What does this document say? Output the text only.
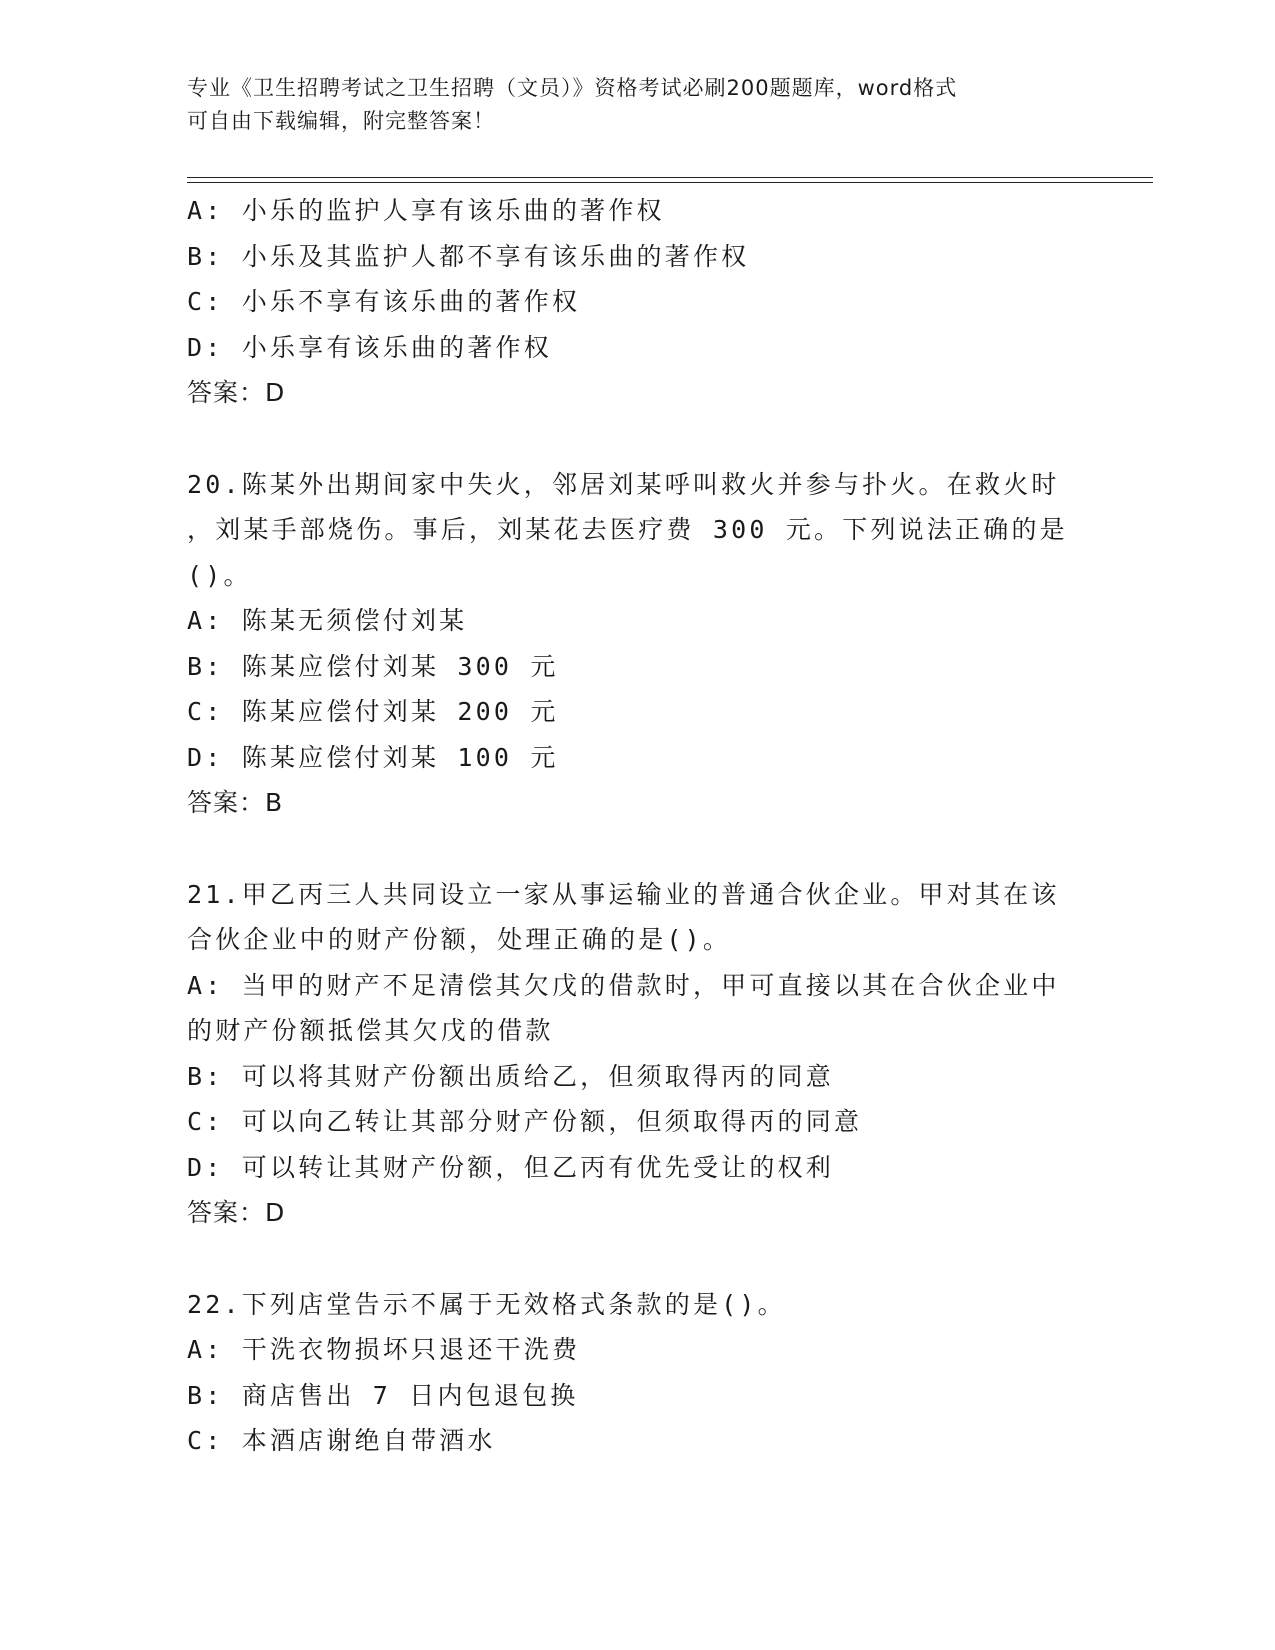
专业《卫生招聘考试之卫生招聘（文员）》资格考试必刷200题题库，word格式
可自由下载编辑，附完整答案！
A: 小乐的监护人享有该乐曲的著作权
B: 小乐及其监护人都不享有该乐曲的著作权
C: 小乐不享有该乐曲的著作权
D: 小乐享有该乐曲的著作权
答案：D
20.陈某外出期间家中失火，邻居刘某呼叫救火并参与扑火。在救火时
，刘某手部烧伤。事后，刘某花去医疗费 300 元。下列说法正确的是
()。
A: 陈某无须偿付刘某
B: 陈某应偿付刘某 300 元
C: 陈某应偿付刘某 200 元
D: 陈某应偿付刘某 100 元
答案：B
21.甲乙丙三人共同设立一家从事运输业的普通合伙企业。甲对其在该
合伙企业中的财产份额，处理正确的是()。
A: 当甲的财产不足清偿其欠戊的借款时，甲可直接以其在合伙企业中
的财产份额抵偿其欠戊的借款
B: 可以将其财产份额出质给乙，但须取得丙的同意
C: 可以向乙转让其部分财产份额，但须取得丙的同意
D: 可以转让其财产份额，但乙丙有优先受让的权利
答案：D
22.下列店堂告示不属于无效格式条款的是()。
A: 干洗衣物损坏只退还干洗费
B: 商店售出 7 日内包退包换
C: 本酒店谢绝自带酒水
